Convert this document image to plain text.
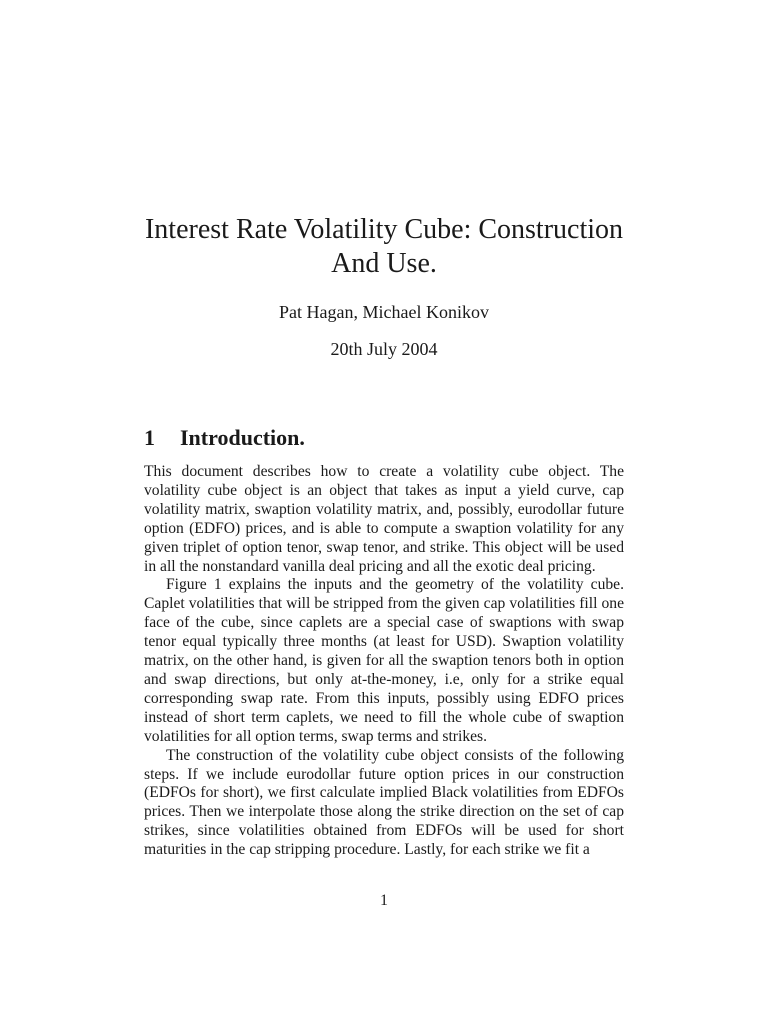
Interest Rate Volatility Cube: Construction
And Use.
Pat Hagan, Michael Konikov
20th July 2004
1 Introduction.

This document describes how to create a volatility cube object. The volatility cube object is an object that takes as input a yield curve, cap volatility matrix, swaption volatility matrix, and, possibly, eurodollar future option (EDFO) prices, and is able to compute a swaption volatility for any given triplet of option tenor, swap tenor, and strike. This object will be used in all the nonstandard vanilla deal pricing and all the exotic deal pricing.

Figure 1 explains the inputs and the geometry of the volatility cube. Caplet volatilities that will be stripped from the given cap volatilities fill one face of the cube, since caplets are a special case of swaptions with swap tenor equal typically three months (at least for USD). Swaption volatility matrix, on the other hand, is given for all the swaption tenors both in option and swap directions, but only at-the-money, i.e, only for a strike equal corresponding swap rate. From this inputs, possibly using EDFO prices instead of short term caplets, we need to fill the whole cube of swaption volatilities for all option terms, swap terms and strikes.

The construction of the volatility cube object consists of the following steps. If we include eurodollar future option prices in our construction (EDFOs for short), we first calculate implied Black volatilities from EDFOs prices. Then we interpolate those along the strike direction on the set of cap strikes, since volatilities obtained from EDFOs will be used for short maturities in the cap stripping procedure. Lastly, for each strike we fit a

1
